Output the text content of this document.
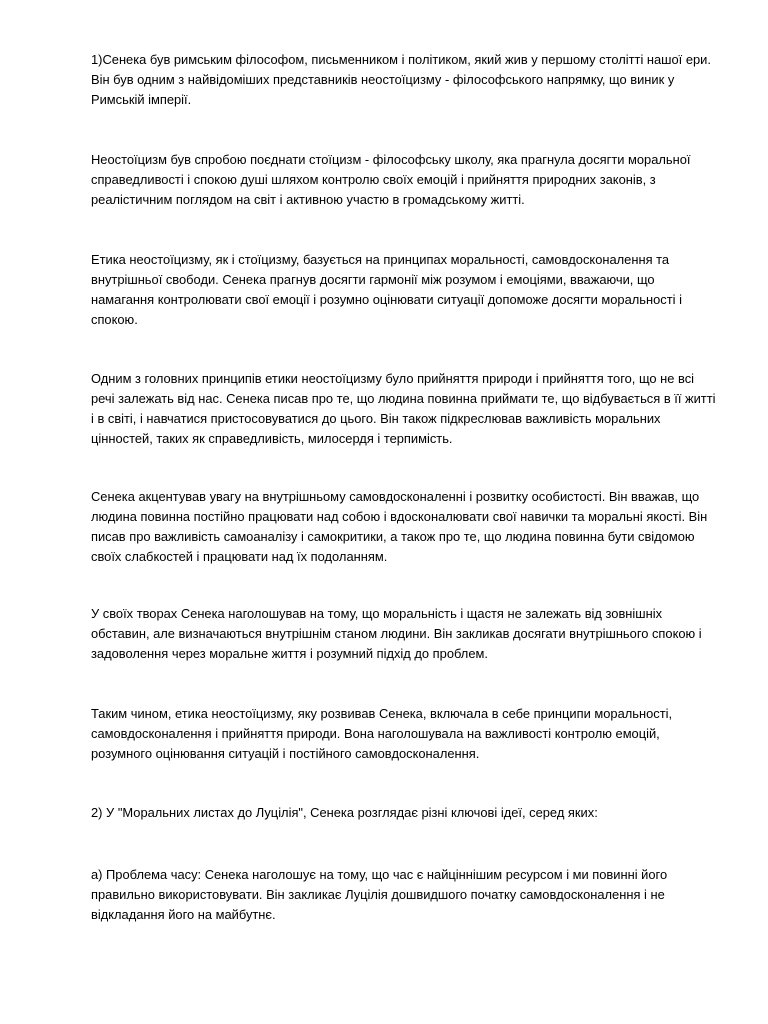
1)Сенека був римським філософом, письменником і політиком, який жив у першому столітті нашої ери. Він був одним з найвідоміших представників неостоїцизму - філософського напрямку, що виник у Римській імперії.

Неостоїцизм був спробою поєднати стоїцизм - філософську школу, яка прагнула досягти моральної справедливості і спокою душі шляхом контролю своїх емоцій і прийняття природних законів, з реалістичним поглядом на світ і активною участю в громадському житті.

Етика неостоїцизму, як і стоїцизму, базується на принципах моральності, самовдосконалення та внутрішньої свободи. Сенека прагнув досягти гармонії між розумом і емоціями, вважаючи, що намагання контролювати свої емоції і розумно оцінювати ситуації допоможе досягти моральності і спокою.

Одним з головних принципів етики неостоїцизму було прийняття природи і прийняття того, що не всі речі залежать від нас. Сенека писав про те, що людина повинна приймати те, що відбувається в її житті і в світі, і навчатися пристосовуватися до цього. Він також підкреслював важливість моральних цінностей, таких як справедливість, милосердя і терпимість.

Сенека акцентував увагу на внутрішньому самовдосконаленні і розвитку особистості. Він вважав, що людина повинна постійно працювати над собою і вдосконалювати свої навички та моральні якості. Він писав про важливість самоаналізу і самокритики, а також про те, що людина повинна бути свідомою своїх слабкостей і працювати над їх подоланням.

У своїх творах Сенека наголошував на тому, що моральність і щастя не залежать від зовнішніх обставин, але визначаються внутрішнім станом людини. Він закликав досягати внутрішнього спокою і задоволення через моральне життя і розумний підхід до проблем.

Таким чином, етика неостоїцизму, яку розвивав Сенека, включала в себе принципи моральності, самовдосконалення і прийняття природи. Вона наголошувала на важливості контролю емоцій, розумного оцінювання ситуацій і постійного самовдосконалення.

2) У "Моральних листах до Луцілія", Сенека розглядає різні ключові ідеї, серед яких:

а) Проблема часу: Сенека наголошує на тому, що час є найціннішим ресурсом і ми повинні його правильно використовувати. Він закликає Луцілія дошвидшого початку самовдосконалення і не відкладання його на майбутнє.
